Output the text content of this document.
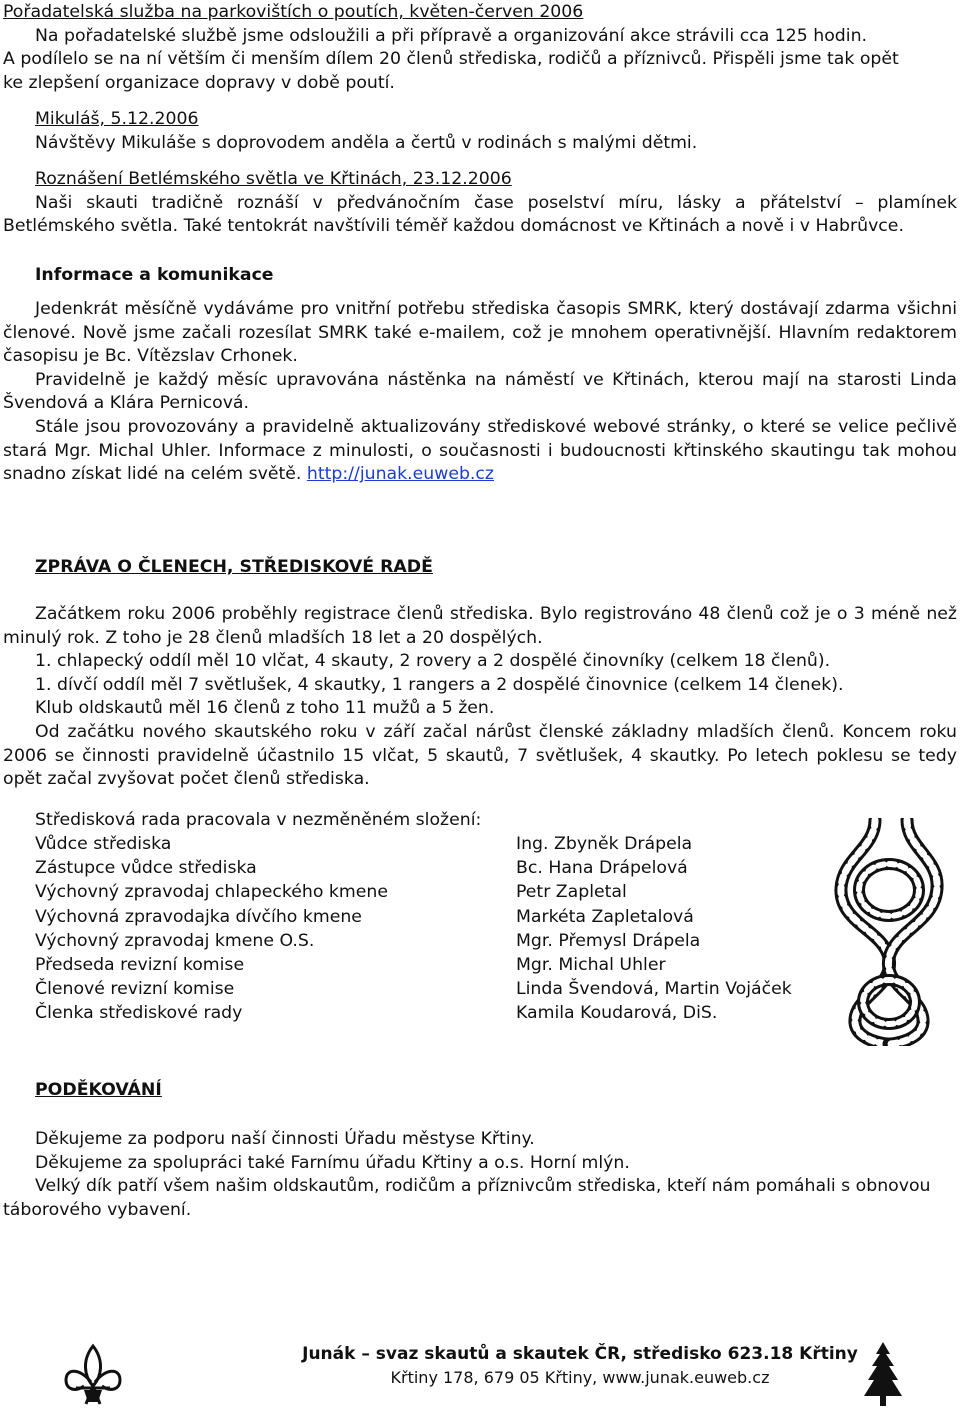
Pořadatelská služba na parkovištích o poutích, květen-červen 2006

Na pořadatelské službě jsme odsloužili a při přípravě a organizování akce strávili cca 125 hodin.

A podílelo se na ní větším či menším dílem 20 členů střediska, rodičů a příznivců. Přispěli jsme tak opět

ke zlepšení organizace dopravy v době poutí.

Mikuláš, 5.12.2006

Návštěvy Mikuláše s doprovodem anděla a čertů v rodinách s malými dětmi.

Roznášení Betlémského světla ve Křtinách, 23.12.2006

Naši skauti tradičně roznáší v předvánočním čase poselství míru, lásky a přátelství – plamínek Betlémského světla. Také tentokrát navštívili téměř každou domácnost ve Křtinách a nově i v Habrůvce.

Informace a komunikace

Jedenkrát měsíčně vydáváme pro vnitřní potřebu střediska časopis SMRK, který dostávají zdarma všichni členové. Nově jsme začali rozesílat SMRK také e-mailem, což je mnohem operativnější. Hlavním redaktorem časopisu je Bc. Vítězslav Crhonek.

Pravidelně je každý měsíc upravována nástěnka na náměstí ve Křtinách, kterou mají na starosti Linda Švendová a Klára Pernicová.

Stále jsou provozovány a pravidelně aktualizovány střediskové webové stránky, o které se velice pečlivě stará Mgr. Michal Uhler. Informace z minulosti, o současnosti i budoucnosti křtinského skautingu tak mohou snadno získat lidé na celém světě. http://junak.euweb.cz

ZPRÁVA O ČLENECH, STŘEDISKOVÉ RADĚ

Začátkem roku 2006 proběhly registrace členů střediska. Bylo registrováno 48 členů což je o 3 méně než minulý rok. Z toho je 28 členů mladších 18 let a 20 dospělých.

1. chlapecký oddíl měl 10 vlčat, 4 skauty, 2 rovery a 2 dospělé činovníky (celkem 18 členů).

1. dívčí oddíl měl 7 světlušek, 4 skautky, 1 rangers a 2 dospělé činovnice (celkem 14 členek).

Klub oldskautů měl 16 členů z toho 11 mužů a 5 žen.

Od začátku nového skautského roku v září začal nárůst členské základny mladších členů. Koncem roku 2006 se činnosti pravidelně účastnilo 15 vlčat, 5 skautů, 7 světlušek, 4 skautky. Po letech poklesu se tedy opět začal zvyšovat počet členů střediska.

Středisková rada pracovala v nezměněném složení:

Vůdce střediska	Ing. Zbyněk Drápela
Zástupce vůdce střediska	Bc. Hana Drápelová
Výchovný zpravodaj chlapeckého kmene	Petr Zapletal
Výchovná zpravodajka dívčího kmene	Markéta Zapletalová
Výchovný zpravodaj kmene O.S.	Mgr. Přemysl Drápela
Předseda revizní komise	Mgr. Michal Uhler
Členové revizní komise	Linda Švendová, Martin Vojáček
Členka střediskové rady	Kamila Koudarová, DiS.

PODĚKOVÁNÍ

Děkujeme za podporu naší činnosti Úřadu městyse Křtiny.

Děkujeme za spolupráci také Farnímu úřadu Křtiny a o.s. Horní mlýn.

Velký dík patří všem našim oldskautům, rodičům a příznivcům střediska, kteří nám pomáhali s obnovou táborového vybavení.

Junák – svaz skautů a skautek ČR, středisko 623.18 Křtiny
Křtiny 178, 679 05 Křtiny, www.junak.euweb.cz
